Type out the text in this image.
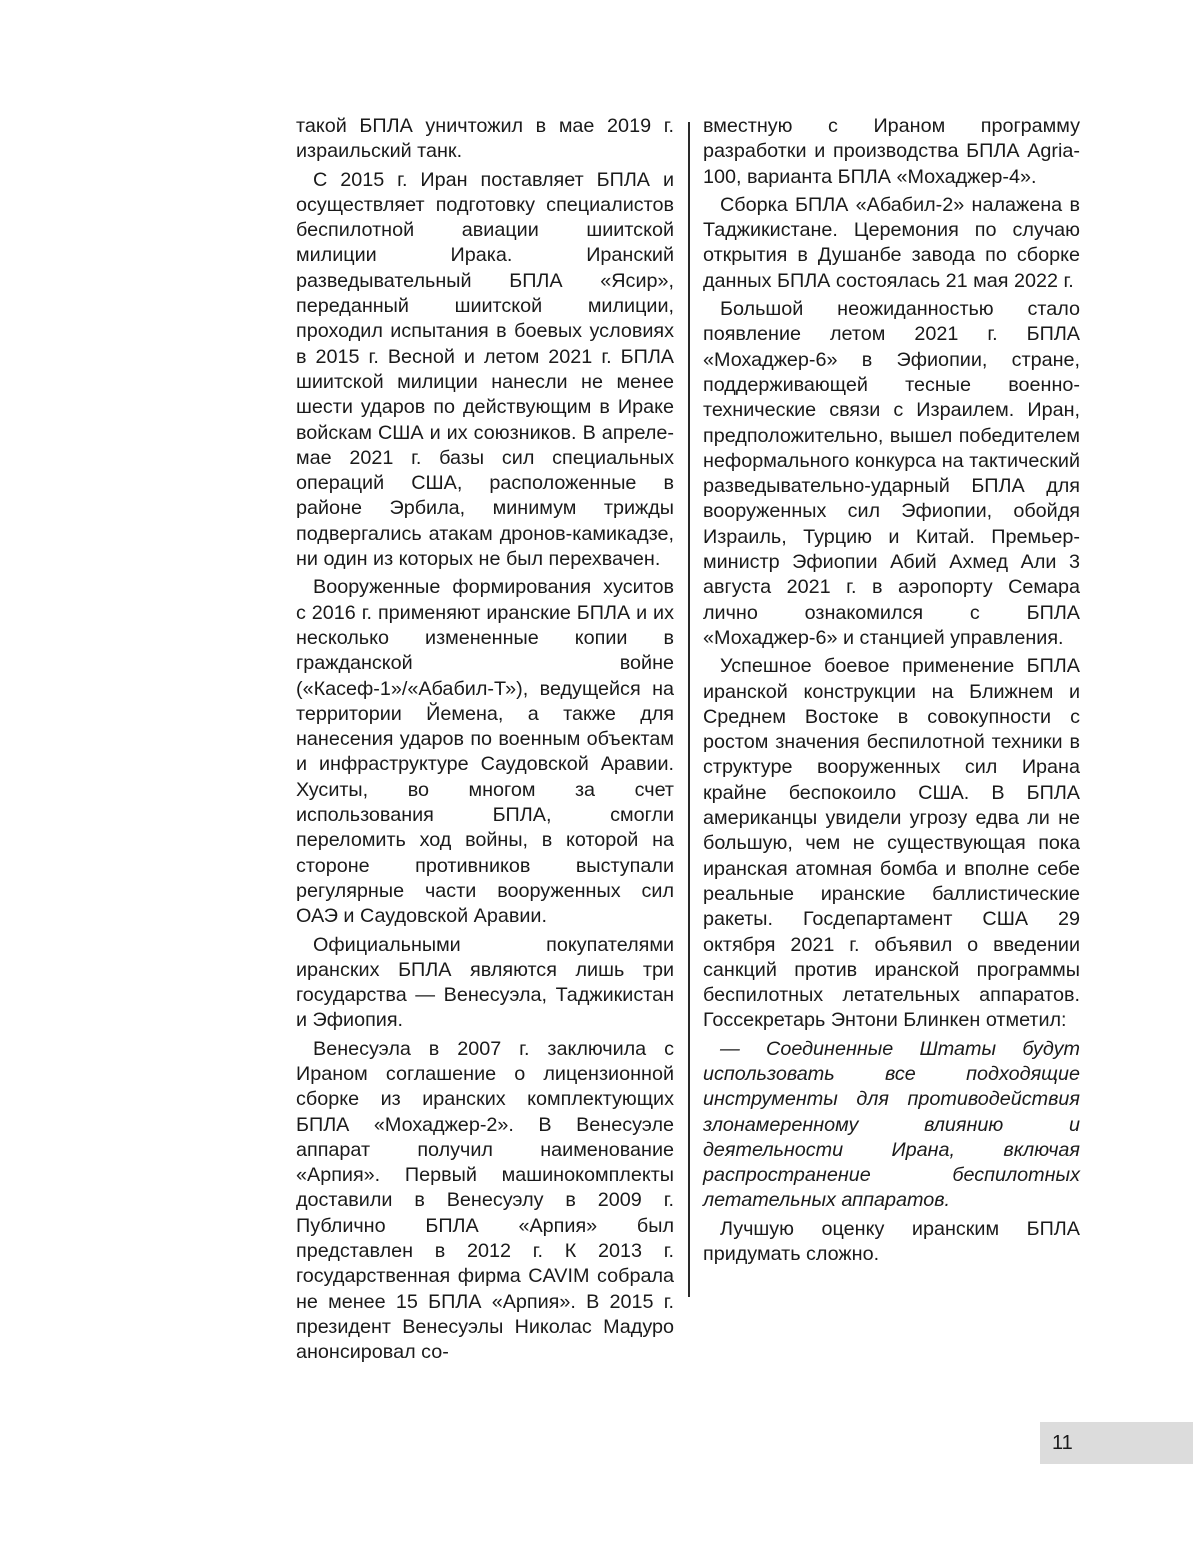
такой БПЛА уничтожил в мае 2019 г. израильский танк.

С 2015 г. Иран поставляет БПЛА и осуществляет подготовку специалистов беспилотной авиации шиитской милиции Ирака. Иранский разведывательный БПЛА «Ясир», переданный шиитской милиции, проходил испытания в боевых условиях в 2015 г. Весной и летом 2021 г. БПЛА шиитской милиции нанесли не менее шести ударов по действующим в Ираке войскам США и их союзников. В апреле-мае 2021 г. базы сил специальных операций США, расположенные в районе Эрбила, минимум трижды подвергались атакам дронов-камикадзе, ни один из которых не был перехвачен.

Вооруженные формирования хуситов с 2016 г. применяют иранские БПЛА и их несколько измененные копии в гражданской войне («Касеф-1»/«Абабил-Т»), ведущейся на территории Йемена, а также для нанесения ударов по военным объектам и инфраструктуре Саудовской Аравии. Хуситы, во многом за счет использования БПЛА, смогли переломить ход войны, в которой на стороне противников выступали регулярные части вооруженных сил ОАЭ и Саудовской Аравии.

Официальными покупателями иранских БПЛА являются лишь три государства — Венесуэла, Таджикистан и Эфиопия.

Венесуэла в 2007 г. заключила с Ираном соглашение о лицензионной сборке из иранских комплектующих БПЛА «Мохаджер-2». В Венесуэле аппарат получил наименование «Арпия». Первый машинокомплекты доставили в Венесуэлу в 2009 г. Публично БПЛА «Арпия» был представлен в 2012 г. К 2013 г. государственная фирма CAVIM собрала не менее 15 БПЛА «Арпия». В 2015 г. президент Венесуэлы Николас Мадуро анонсировал со-

вместную с Ираном программу разработки и производства БПЛА Agria-100, варианта БПЛА «Мохаджер-4».

Сборка БПЛА «Абабил-2» налажена в Таджикистане. Церемония по случаю открытия в Душанбе завода по сборке данных БПЛА состоялась 21 мая 2022 г.

Большой неожиданностью стало появление летом 2021 г. БПЛА «Мохаджер-6» в Эфиопии, стране, поддерживающей тесные военно-технические связи с Израилем. Иран, предположительно, вышел победителем неформального конкурса на тактический разведывательно-ударный БПЛА для вооруженных сил Эфиопии, обойдя Израиль, Турцию и Китай. Премьер-министр Эфиопии Абий Ахмед Али 3 августа 2021 г. в аэропорту Семара лично ознакомился с БПЛА «Мохаджер-6» и станцией управления.

Успешное боевое применение БПЛА иранской конструкции на Ближнем и Среднем Востоке в совокупности с ростом значения беспилотной техники в структуре вооруженных сил Ирана крайне беспокоило США. В БПЛА американцы увидели угрозу едва ли не большую, чем не существующая пока иранская атомная бомба и вполне себе реальные иранские баллистические ракеты. Госдепартамент США 29 октября 2021 г. объявил о введении санкций против иранской программы беспилотных летательных аппаратов. Госсекретарь Энтони Блинкен отметил:

— Соединенные Штаты будут использовать все подходящие инструменты для противодействия злонамеренному влиянию и деятельности Ирана, включая распространение беспилотных летательных аппаратов.

Лучшую оценку иранским БПЛА придумать сложно.

11
